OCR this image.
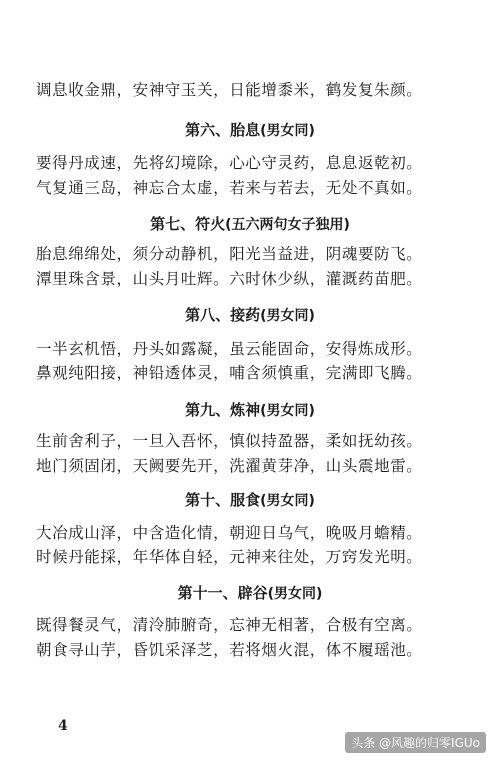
调息收金鼎，安神守玉关，日能增黍米，鹤发复朱颜。
第六、胎息(男女同)
要得丹成速，先将幻境除，心心守灵药，息息返乾初。
气复通三岛，神忘合太虚，若来与若去，无处不真如。
第七、符火(五六两句女子独用)
胎息绵绵处，须分动静机，阳光当益进，阴魂要防飞。
潭里珠含景，山头月吐辉。六时休少纵，灌溉药苗肥。
第八、接药(男女同)
一半玄机悟，丹头如露凝，虽云能固命，安得炼成形。
鼻观纯阳接，神铅透体灵，哺含须慎重，完满即飞腾。
第九、炼神(男女同)
生前舍利子，一旦入吾怀，慎似持盈器，柔如抚幼孩。
地门须固闭，天阙要先开，洗濯黄芽净，山头震地雷。
第十、服食(男女同)
大冶成山泽，中含造化情，朝迎日乌气，晚吸月蟾精。
时候丹能採，年华体自轻，元神来往处，万窍发光明。
第十一、辟谷(男女同)
既得餐灵气，清泠肺腑奇，忘神无相著，合极有空离。
朝食寻山芋，昏饥采泽芝，若将烟火混，体不履瑶池。
4
头条 @风趣的归零IGUo
